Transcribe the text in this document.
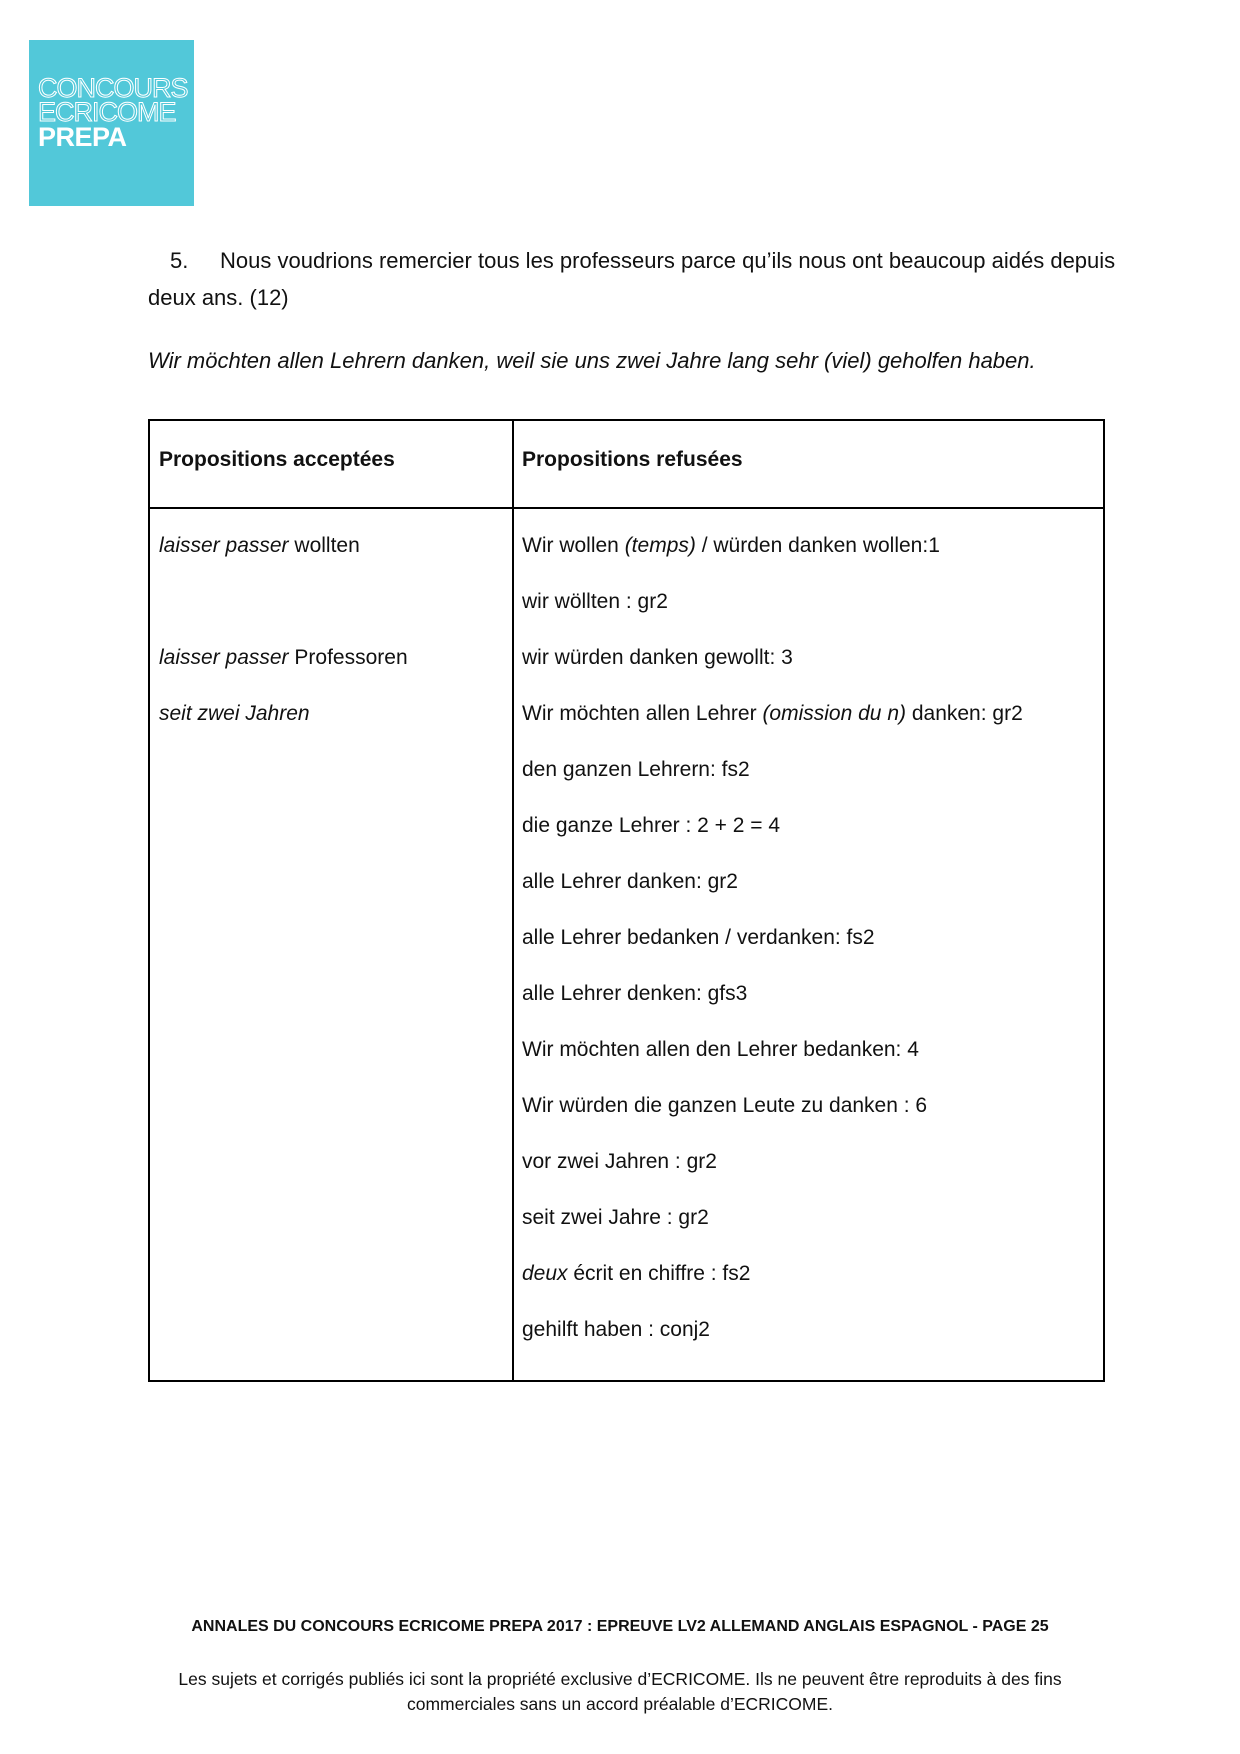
CONCOURS
ECRICOME
PREPA
5. Nous voudrions remercier tous les professeurs parce qu’ils nous ont beaucoup aidés depuis deux ans. (12)
Wir möchten allen Lehrern danken, weil sie uns zwei Jahre lang sehr (viel) geholfen haben.
Propositions acceptées	Propositions refusées
laisser passer wollten
laisser passer Professoren
seit zwei Jahren
Wir wollen (temps) / würden danken wollen:1
wir wöllten : gr2
wir würden danken gewollt: 3
Wir möchten allen Lehrer (omission du n) danken: gr2
den ganzen Lehrern: fs2
die ganze Lehrer : 2 + 2 = 4
alle Lehrer danken: gr2
alle Lehrer bedanken / verdanken: fs2
alle Lehrer denken: gfs3
Wir möchten allen den Lehrer bedanken: 4
Wir würden die ganzen Leute zu danken : 6
vor zwei Jahren : gr2
seit zwei Jahre : gr2
deux écrit en chiffre : fs2
gehilft haben : conj2
ANNALES DU CONCOURS ECRICOME PREPA 2017 : EPREUVE LV2 ALLEMAND ANGLAIS ESPAGNOL - PAGE 25
Les sujets et corrigés publiés ici sont la propriété exclusive d’ECRICOME. Ils ne peuvent être reproduits à des fins commerciales sans un accord préalable d’ECRICOME.
